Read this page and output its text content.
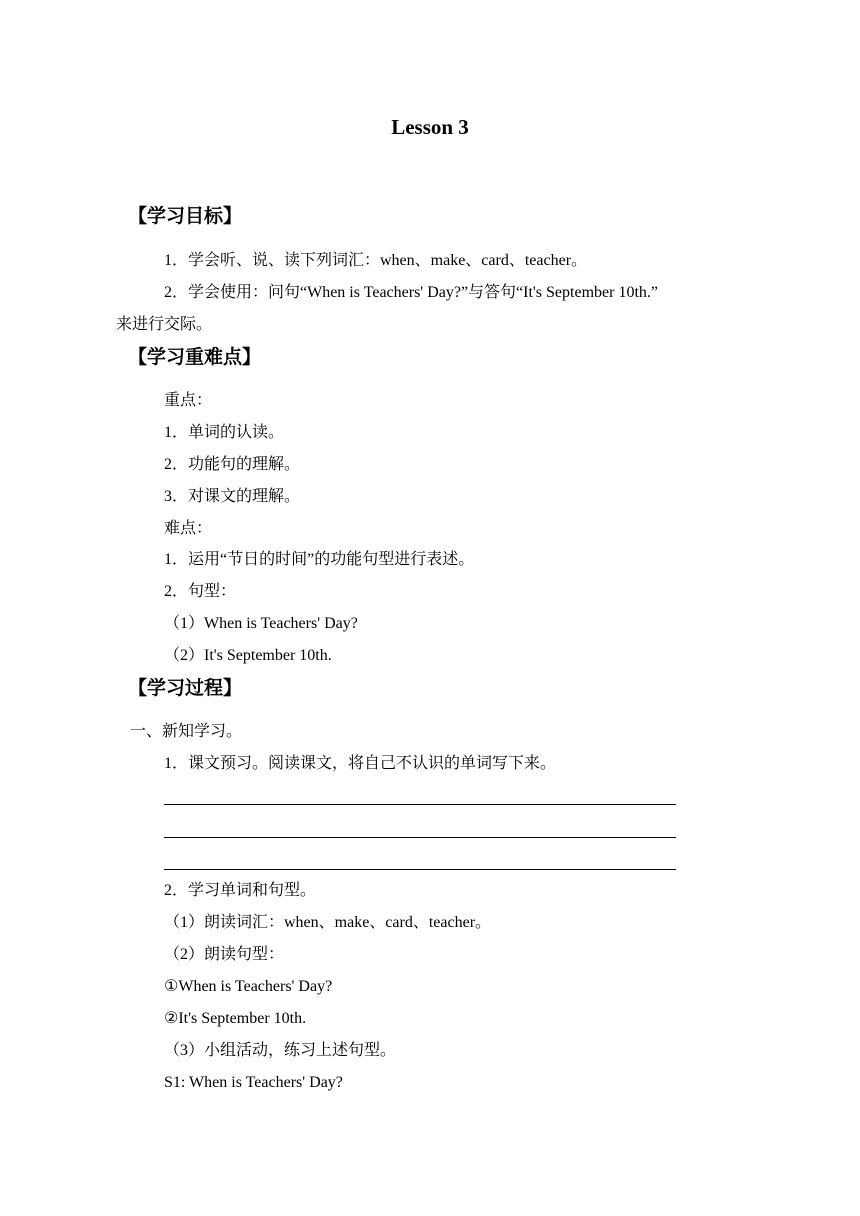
Lesson 3
【学习目标】
1．学会听、说、读下列词汇：when、make、card、teacher。
2．学会使用：问句“When is Teachers' Day?”与答句“It's September 10th.”
来进行交际。
【学习重难点】
重点：
1．单词的认读。
2．功能句的理解。
3．对课文的理解。
难点：
1．运用“节日的时间”的功能句型进行表述。
2．句型：
（1）When is Teachers' Day?
（2）It's September 10th.
【学习过程】
一、新知学习。
1．课文预习。阅读课文，将自己不认识的单词写下来。
2．学习单词和句型。
（1）朗读词汇：when、make、card、teacher。
（2）朗读句型：
①When is Teachers' Day?
②It's September 10th.
（3）小组活动，练习上述句型。
S1: When is Teachers' Day?
